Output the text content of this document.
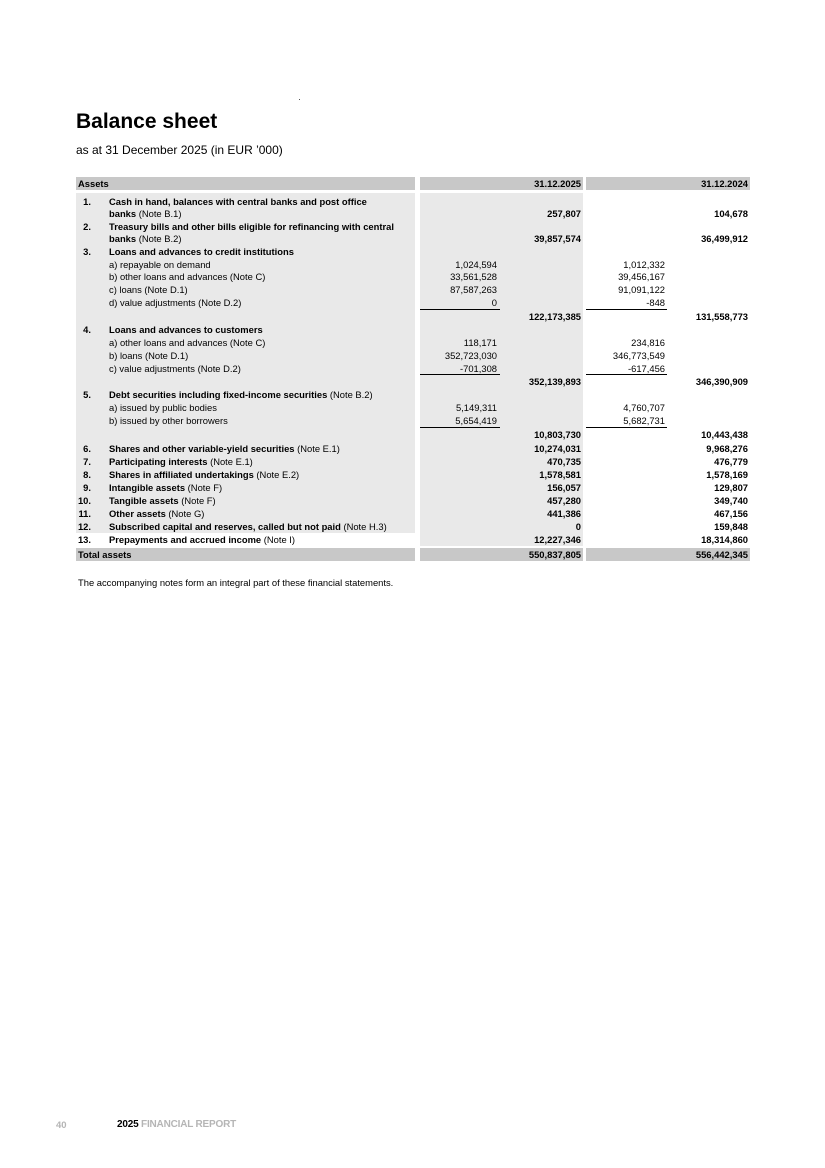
Balance sheet
as at 31 December 2025 (in EUR ’000)
Assets	31.12.2025	31.12.2024
1. Cash in hand, balances with central banks and post office
banks (Note B.1)	257,807	104,678
2. Treasury bills and other bills eligible for refinancing with central
banks (Note B.2)	39,857,574	36,499,912
3. Loans and advances to credit institutions
a) repayable on demand	1,024,594	1,012,332
b) other loans and advances (Note C)	33,561,528	39,456,167
c) loans (Note D.1)	87,587,263	91,091,122
d) value adjustments (Note D.2)	0	-848
122,173,385	131,558,773
4. Loans and advances to customers
a) other loans and advances (Note C)	118,171	234,816
b) loans (Note D.1)	352,723,030	346,773,549
c) value adjustments (Note D.2)	-701,308	-617,456
352,139,893	346,390,909
5. Debt securities including fixed-income securities (Note B.2)
a) issued by public bodies	5,149,311	4,760,707
b) issued by other borrowers	5,654,419	5,682,731
10,803,730	10,443,438
6. Shares and other variable-yield securities (Note E.1)	10,274,031	9,968,276
7. Participating interests (Note E.1)	470,735	476,779
8. Shares in affiliated undertakings (Note E.2)	1,578,581	1,578,169
9. Intangible assets (Note F)	156,057	129,807
10. Tangible assets (Note F)	457,280	349,740
11. Other assets (Note G)	441,386	467,156
12. Subscribed capital and reserves, called but not paid (Note H.3)	0	159,848
13. Prepayments and accrued income (Note I)	12,227,346	18,314,860
Total assets	550,837,805	556,442,345
The accompanying notes form an integral part of these financial statements.
40	2025 FINANCIAL REPORT
